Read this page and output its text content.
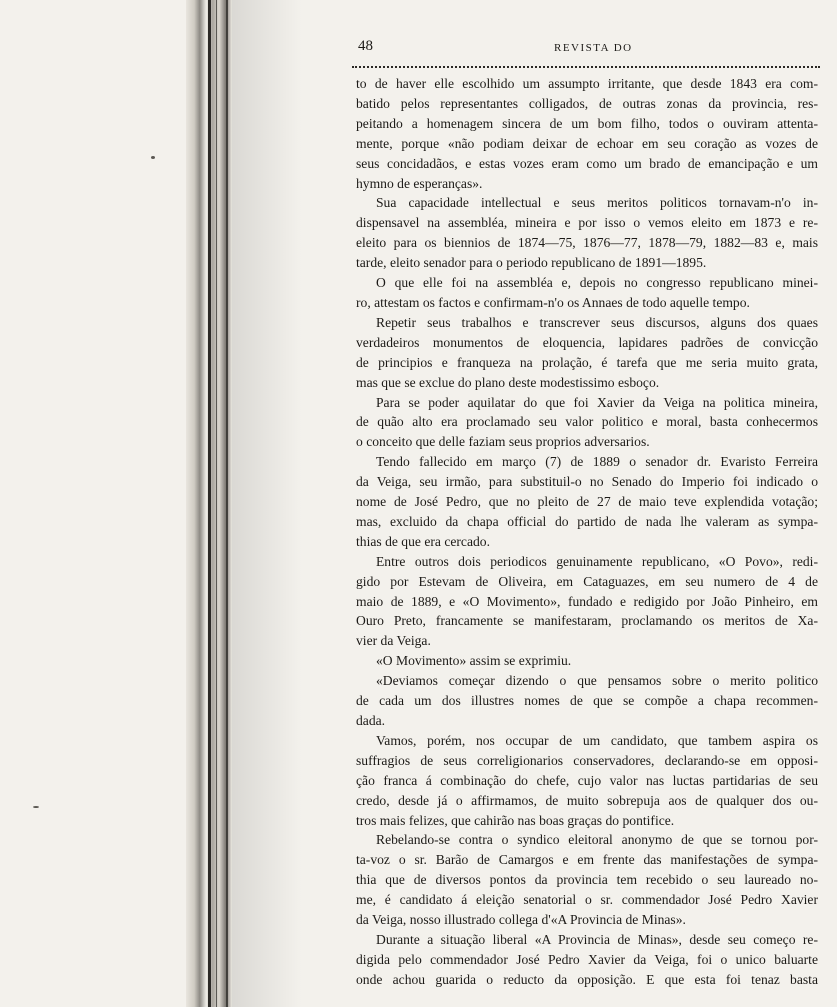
48	REVISTA DO
to de haver elle escolhido um assumpto irritante, que desde 1843 era com-
batido pelos representantes colligados, de outras zonas da provincia, res-
peitando a homenagem sincera de um bom filho, todos o ouviram attenta-
mente, porque «não podiam deixar de echoar em seu coração as vozes de
seus concidadãos, e estas vozes eram como um brado de emancipação e um
hymno de esperanças».
Sua capacidade intellectual e seus meritos politicos tornavam-n'o in-
dispensavel na assembléa, mineira e por isso o vemos eleito em 1873 e re-
eleito para os biennios de 1874—75, 1876—77, 1878—79, 1882—83 e, mais
tarde, eleito senador para o periodo republicano de 1891—1895.
O que elle foi na assembléa e, depois no congresso republicano minei-
ro, attestam os factos e confirmam-n'o os Annaes de todo aquelle tempo.
Repetir seus trabalhos e transcrever seus discursos, alguns dos quaes
verdadeiros monumentos de eloquencia, lapidares padrões de convicção
de principios e franqueza na prolação, é tarefa que me seria muito grata,
mas que se exclue do plano deste modestissimo esboço.
Para se poder aquilatar do que foi Xavier da Veiga na politica mineira,
de quão alto era proclamado seu valor politico e moral, basta conhecermos
o conceito que delle faziam seus proprios adversarios.
Tendo fallecido em março (7) de 1889 o senador dr. Evaristo Ferreira
da Veiga, seu irmão, para substituil-o no Senado do Imperio foi indicado o
nome de José Pedro, que no pleito de 27 de maio teve explendida votação;
mas, excluido da chapa official do partido de nada lhe valeram as sympa-
thias de que era cercado.
Entre outros dois periodicos genuinamente republicano, «O Povo», redi-
gido por Estevam de Oliveira, em Cataguazes, em seu numero de 4 de
maio de 1889, e «O Movimento», fundado e redigido por João Pinheiro, em
Ouro Preto, francamente se manifestaram, proclamando os meritos de Xa-
vier da Veiga.
«O Movimento» assim se exprimiu.
«Deviamos começar dizendo o que pensamos sobre o merito politico
de cada um dos illustres nomes de que se compõe a chapa recommen-
dada.
Vamos, porém, nos occupar de um candidato, que tambem aspira os
suffragios de seus correligionarios conservadores, declarando-se em opposi-
ção franca á combinação do chefe, cujo valor nas luctas partidarias de seu
credo, desde já o affirmamos, de muito sobrepuja aos de qualquer dos ou-
tros mais felizes, que cahirão nas boas graças do pontifice.
Rebelando-se contra o syndico eleitoral anonymo de que se tornou por-
ta-voz o sr. Barão de Camargos e em frente das manifestações de sympa-
thia que de diversos pontos da provincia tem recebido o seu laureado no-
me, é candidato á eleição senatorial o sr. commendador José Pedro Xavier
da Veiga, nosso illustrado collega d'«A Provincia de Minas».
Durante a situação liberal «A Provincia de Minas», desde seu começo re-
digida pelo commendador José Pedro Xavier da Veiga, foi o unico baluarte
onde achou guarida o reducto da opposição. E que esta foi tenaz basta
